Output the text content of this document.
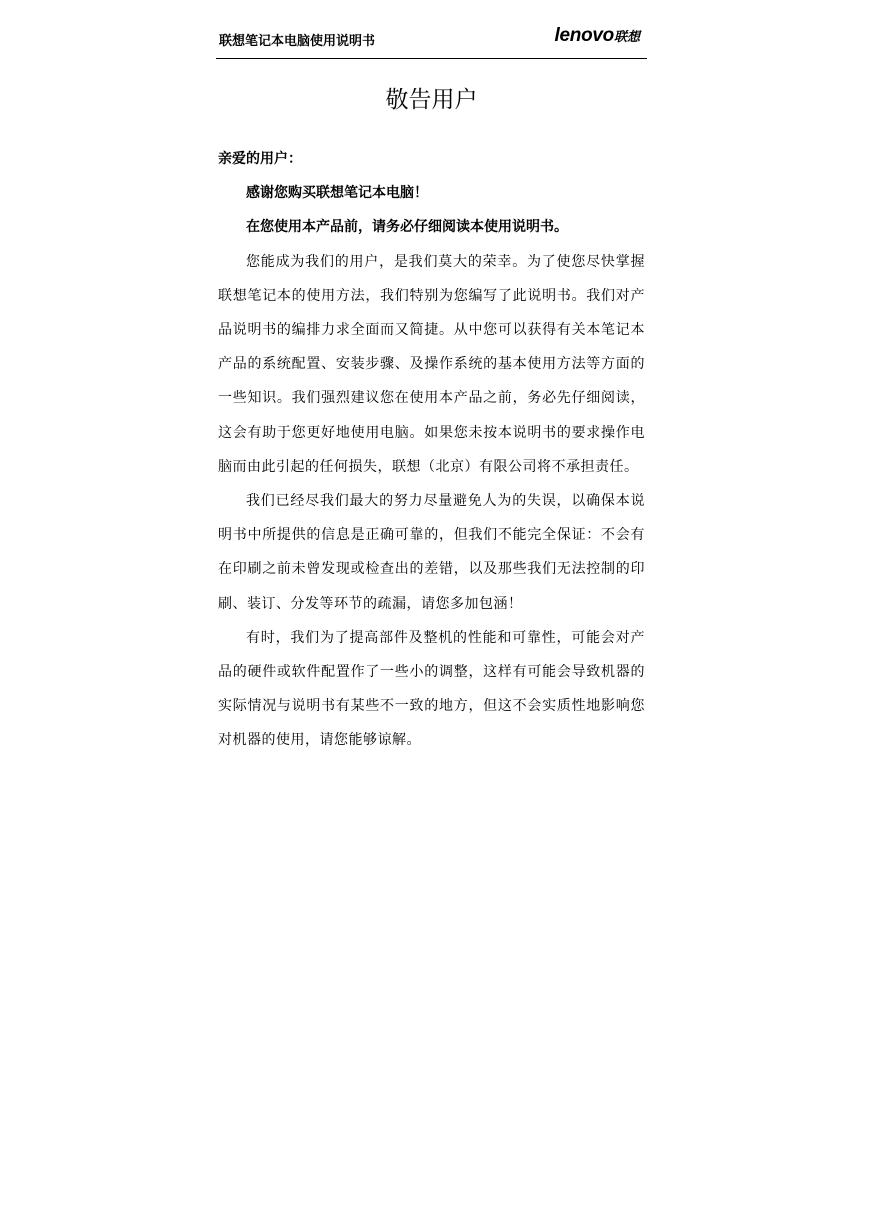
联想笔记本电脑使用说明书	lenovo联想
敬告用户

亲爱的用户：

感谢您购买联想笔记本电脑！

在您使用本产品前，请务必仔细阅读本使用说明书。

您能成为我们的用户，是我们莫大的荣幸。为了使您尽快掌握联想笔记本的使用方法，我们特别为您编写了此说明书。我们对产品说明书的编排力求全面而又简捷。从中您可以获得有关本笔记本产品的系统配置、安装步骤、及操作系统的基本使用方法等方面的一些知识。我们强烈建议您在使用本产品之前，务必先仔细阅读，这会有助于您更好地使用电脑。如果您未按本说明书的要求操作电脑而由此引起的任何损失，联想（北京）有限公司将不承担责任。

我们已经尽我们最大的努力尽量避免人为的失误，以确保本说明书中所提供的信息是正确可靠的，但我们不能完全保证：不会有在印刷之前未曾发现或检查出的差错，以及那些我们无法控制的印刷、装订、分发等环节的疏漏，请您多加包涵！

有时，我们为了提高部件及整机的性能和可靠性，可能会对产品的硬件或软件配置作了一些小的调整，这样有可能会导致机器的实际情况与说明书有某些不一致的地方，但这不会实质性地影响您对机器的使用，请您能够谅解。
